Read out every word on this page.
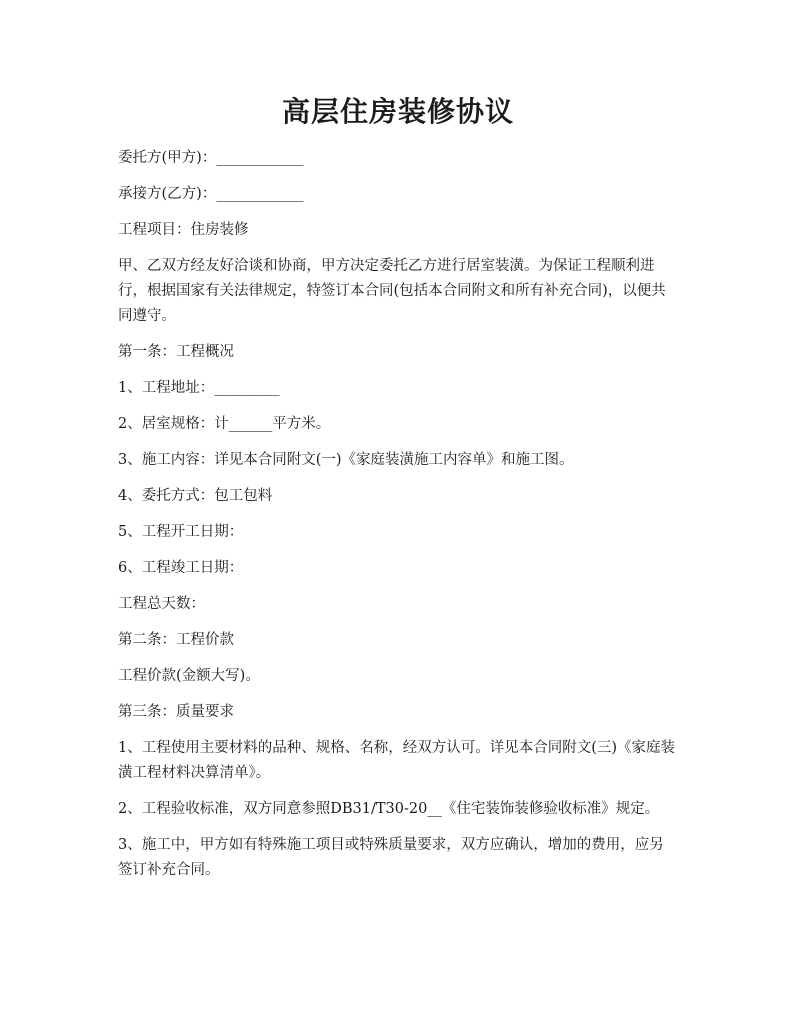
高层住房装修协议

委托方(甲方)：____________

承接方(乙方)：____________

工程项目：住房装修

甲、乙双方经友好洽谈和协商，甲方决定委托乙方进行居室装潢。为保证工程顺利进行，根据国家有关法律规定，特签订本合同(包括本合同附文和所有补充合同)，以便共同遵守。

第一条：工程概况

1、工程地址：_________

2、居室规格：计______平方米。

3、施工内容：详见本合同附文(一)《家庭装潢施工内容单》和施工图。

4、委托方式：包工包料

5、工程开工日期：

6、工程竣工日期：

工程总天数：

第二条：工程价款

工程价款(金额大写)。

第三条：质量要求

1、工程使用主要材料的品种、规格、名称，经双方认可。详见本合同附文(三)《家庭装潢工程材料决算清单》。

2、工程验收标准，双方同意参照DB31/T30-20__《住宅装饰装修验收标准》规定。

3、施工中，甲方如有特殊施工项目或特殊质量要求，双方应确认，增加的费用，应另签订补充合同。
